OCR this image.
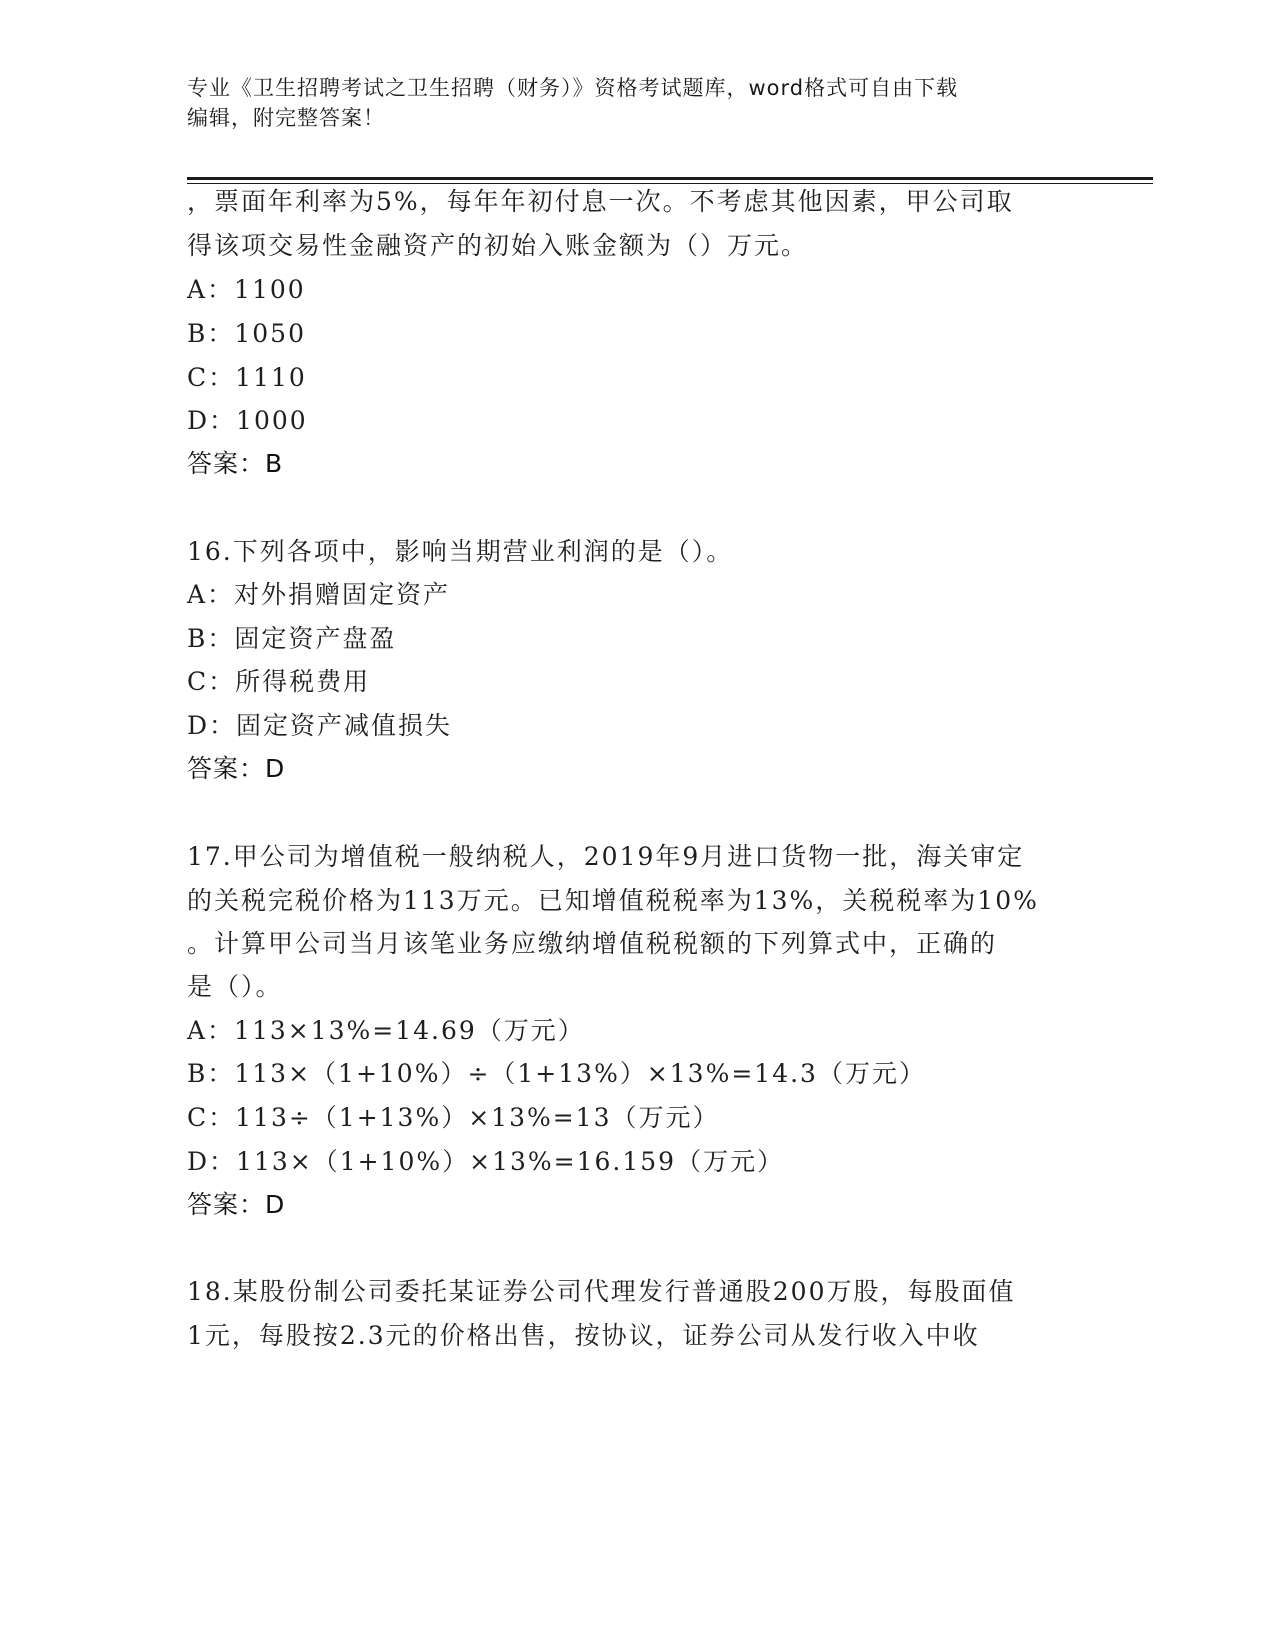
专业《卫生招聘考试之卫生招聘（财务）》资格考试题库，word格式可自由下载
编辑，附完整答案！
，票面年利率为5%，每年年初付息一次。不考虑其他因素，甲公司取
得该项交易性金融资产的初始入账金额为（）万元。
A：1100
B：1050
C：1110
D：1000
答案：B
16.下列各项中，影响当期营业利润的是（）。
A：对外捐赠固定资产
B：固定资产盘盈
C：所得税费用
D：固定资产减值损失
答案：D
17.甲公司为增值税一般纳税人，2019年9月进口货物一批，海关审定
的关税完税价格为113万元。已知增值税税率为13%，关税税率为10%
。计算甲公司当月该笔业务应缴纳增值税税额的下列算式中，正确的
是（）。
A：113×13%=14.69（万元）
B：113×（1+10%）÷（1+13%）×13%=14.3（万元）
C：113÷（1+13%）×13%=13（万元）
D：113×（1+10%）×13%=16.159（万元）
答案：D
18.某股份制公司委托某证券公司代理发行普通股200万股，每股面值
1元，每股按2.3元的价格出售，按协议，证券公司从发行收入中收
